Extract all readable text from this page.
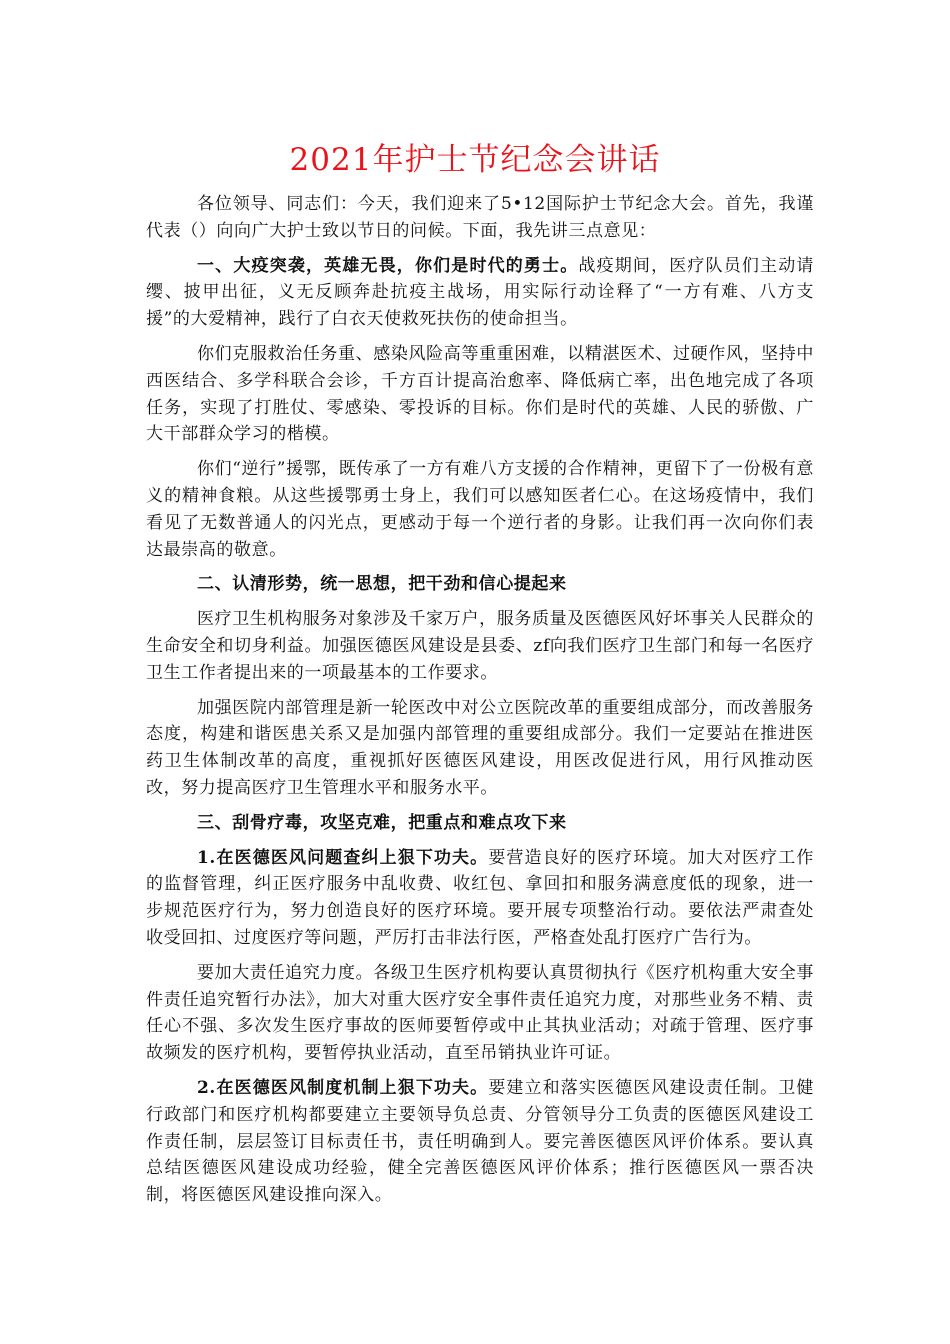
2021年护士节纪念会讲话

各位领导、同志们：今天，我们迎来了5•12国际护士节纪念大会。首先，我谨代表（）向向广大护士致以节日的问候。下面，我先讲三点意见：

一、大疫突袭，英雄无畏，你们是时代的勇士。战疫期间，医疗队员们主动请缨、披甲出征，义无反顾奔赴抗疫主战场，用实际行动诠释了“一方有难、八方支援”的大爱精神，践行了白衣天使救死扶伤的使命担当。

你们克服救治任务重、感染风险高等重重困难，以精湛医术、过硬作风，坚持中西医结合、多学科联合会诊，千方百计提高治愈率、降低病亡率，出色地完成了各项任务，实现了打胜仗、零感染、零投诉的目标。你们是时代的英雄、人民的骄傲、广大干部群众学习的楷模。

你们“逆行”援鄂，既传承了一方有难八方支援的合作精神，更留下了一份极有意义的精神食粮。从这些援鄂勇士身上，我们可以感知医者仁心。在这场疫情中，我们看见了无数普通人的闪光点，更感动于每一个逆行者的身影。让我们再一次向你们表达最崇高的敬意。

二、认清形势，统一思想，把干劲和信心提起来

医疗卫生机构服务对象涉及千家万户，服务质量及医德医风好坏事关人民群众的生命安全和切身利益。加强医德医风建设是县委、zf向我们医疗卫生部门和每一名医疗卫生工作者提出来的一项最基本的工作要求。

加强医院内部管理是新一轮医改中对公立医院改革的重要组成部分，而改善服务态度，构建和谐医患关系又是加强内部管理的重要组成部分。我们一定要站在推进医药卫生体制改革的高度，重视抓好医德医风建设，用医改促进行风，用行风推动医改，努力提高医疗卫生管理水平和服务水平。

三、刮骨疗毒，攻坚克难，把重点和难点攻下来

1.在医德医风问题查纠上狠下功夫。要营造良好的医疗环境。加大对医疗工作的监督管理，纠正医疗服务中乱收费、收红包、拿回扣和服务满意度低的现象，进一步规范医疗行为，努力创造良好的医疗环境。要开展专项整治行动。要依法严肃查处收受回扣、过度医疗等问题，严厉打击非法行医，严格查处乱打医疗广告行为。

要加大责任追究力度。各级卫生医疗机构要认真贯彻执行《医疗机构重大安全事件责任追究暂行办法》，加大对重大医疗安全事件责任追究力度，对那些业务不精、责任心不强、多次发生医疗事故的医师要暂停或中止其执业活动；对疏于管理、医疗事故频发的医疗机构，要暂停执业活动，直至吊销执业许可证。

2.在医德医风制度机制上狠下功夫。要建立和落实医德医风建设责任制。卫健行政部门和医疗机构都要建立主要领导负总责、分管领导分工负责的医德医风建设工作责任制，层层签订目标责任书，责任明确到人。要完善医德医风评价体系。要认真总结医德医风建设成功经验，健全完善医德医风评价体系；推行医德医风一票否决制，将医德医风建设推向深入。
